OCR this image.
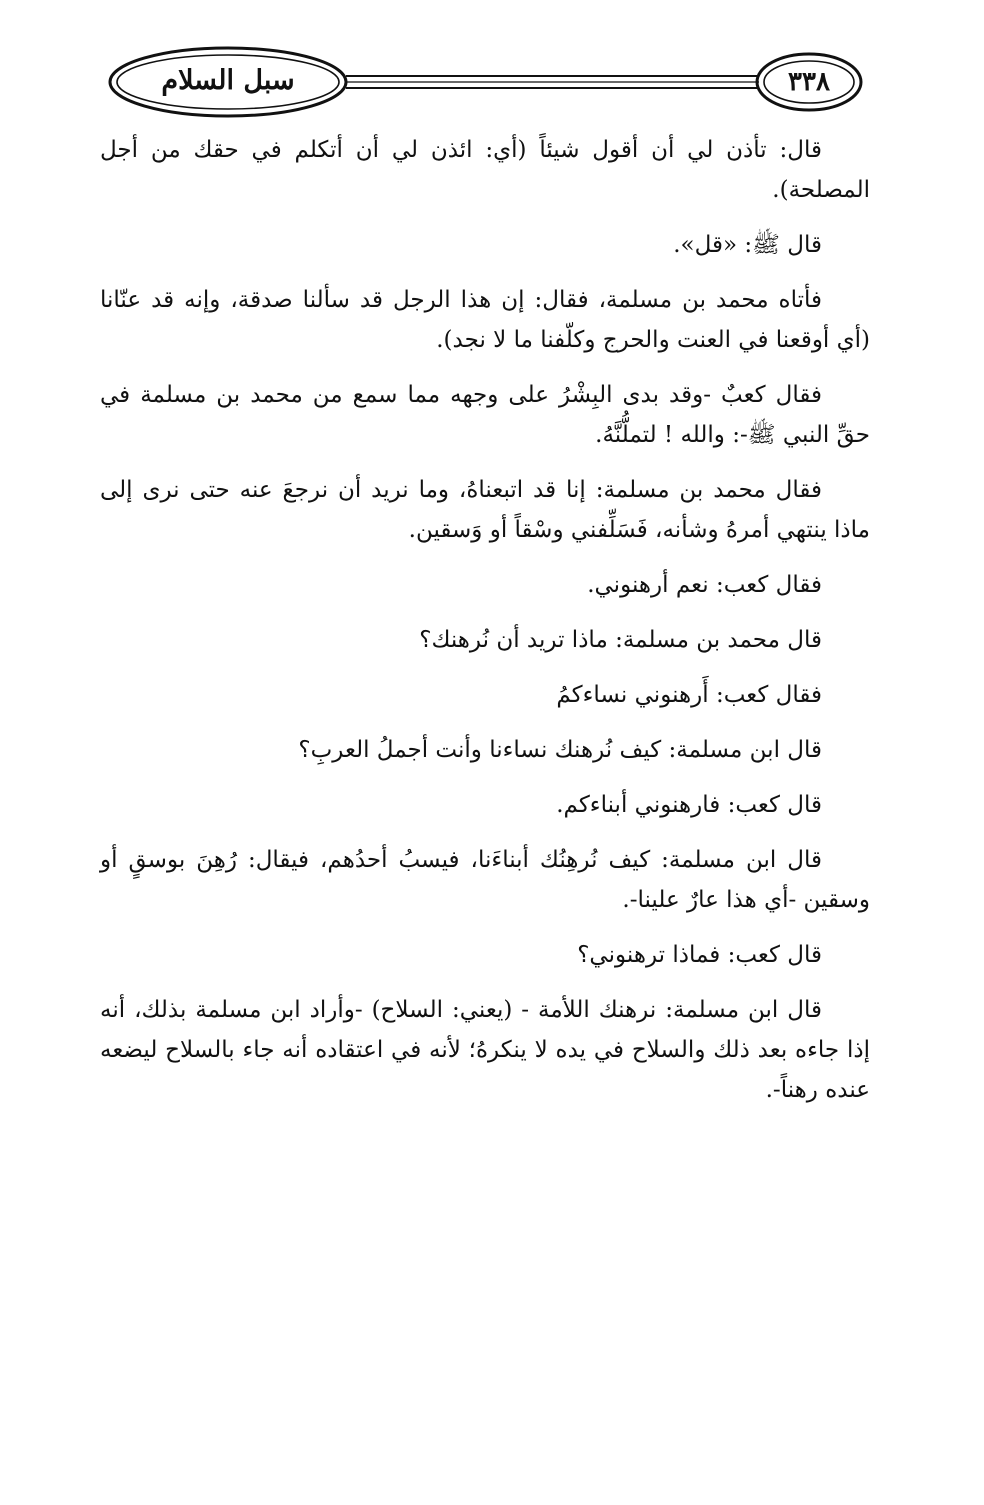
سبل السلام	٣٣٨

قال: تأذن لي أن أقول شيئاً (أي: ائذن لي أن أتكلم في حقك من أجل المصلحة).

قال ﷺ: «قل».

فأتاه محمد بن مسلمة، فقال: إن هذا الرجل قد سألنا صدقة، وإنه قد عنّانا (أي أوقعنا في العنت والحرج وكلّفنا ما لا نجد).

فقال كعبٌ -وقد بدى البِشْرُ على وجهه مما سمع من محمد بن مسلمة في حقِّ النبي ﷺ-: والله ! لتملُّنَّهُ.

فقال محمد بن مسلمة: إنا قد اتبعناهُ، وما نريد أن نرجعَ عنه حتى نرى إلى ماذا ينتهي أمرهُ وشأنه، فَسَلِّفني وسْقاً أو وَسقين.

فقال كعب: نعم أرهنوني.

قال محمد بن مسلمة: ماذا تريد أن نُرهنك؟

فقال كعب: أَرهنوني نساءكمُ

قال ابن مسلمة: كيف نُرهنك نساءنا وأنت أجملُ العربِ؟

قال كعب: فارهنوني أبناءكم.

قال ابن مسلمة: كيف نُرهِنُك أبناءَنا، فيسبُ أحدُهم، فيقال: رُهِنَ بوسقٍ أو وسقين -أي هذا عارٌ علينا-.

قال كعب: فماذا ترهنوني؟

قال ابن مسلمة: نرهنك اللأمة - (يعني: السلاح) -وأراد ابن مسلمة بذلك، أنه إذا جاءه بعد ذلك والسلاح في يده لا ينكرهُ؛ لأنه في اعتقاده أنه جاء بالسلاح ليضعه عنده رهناً-.
